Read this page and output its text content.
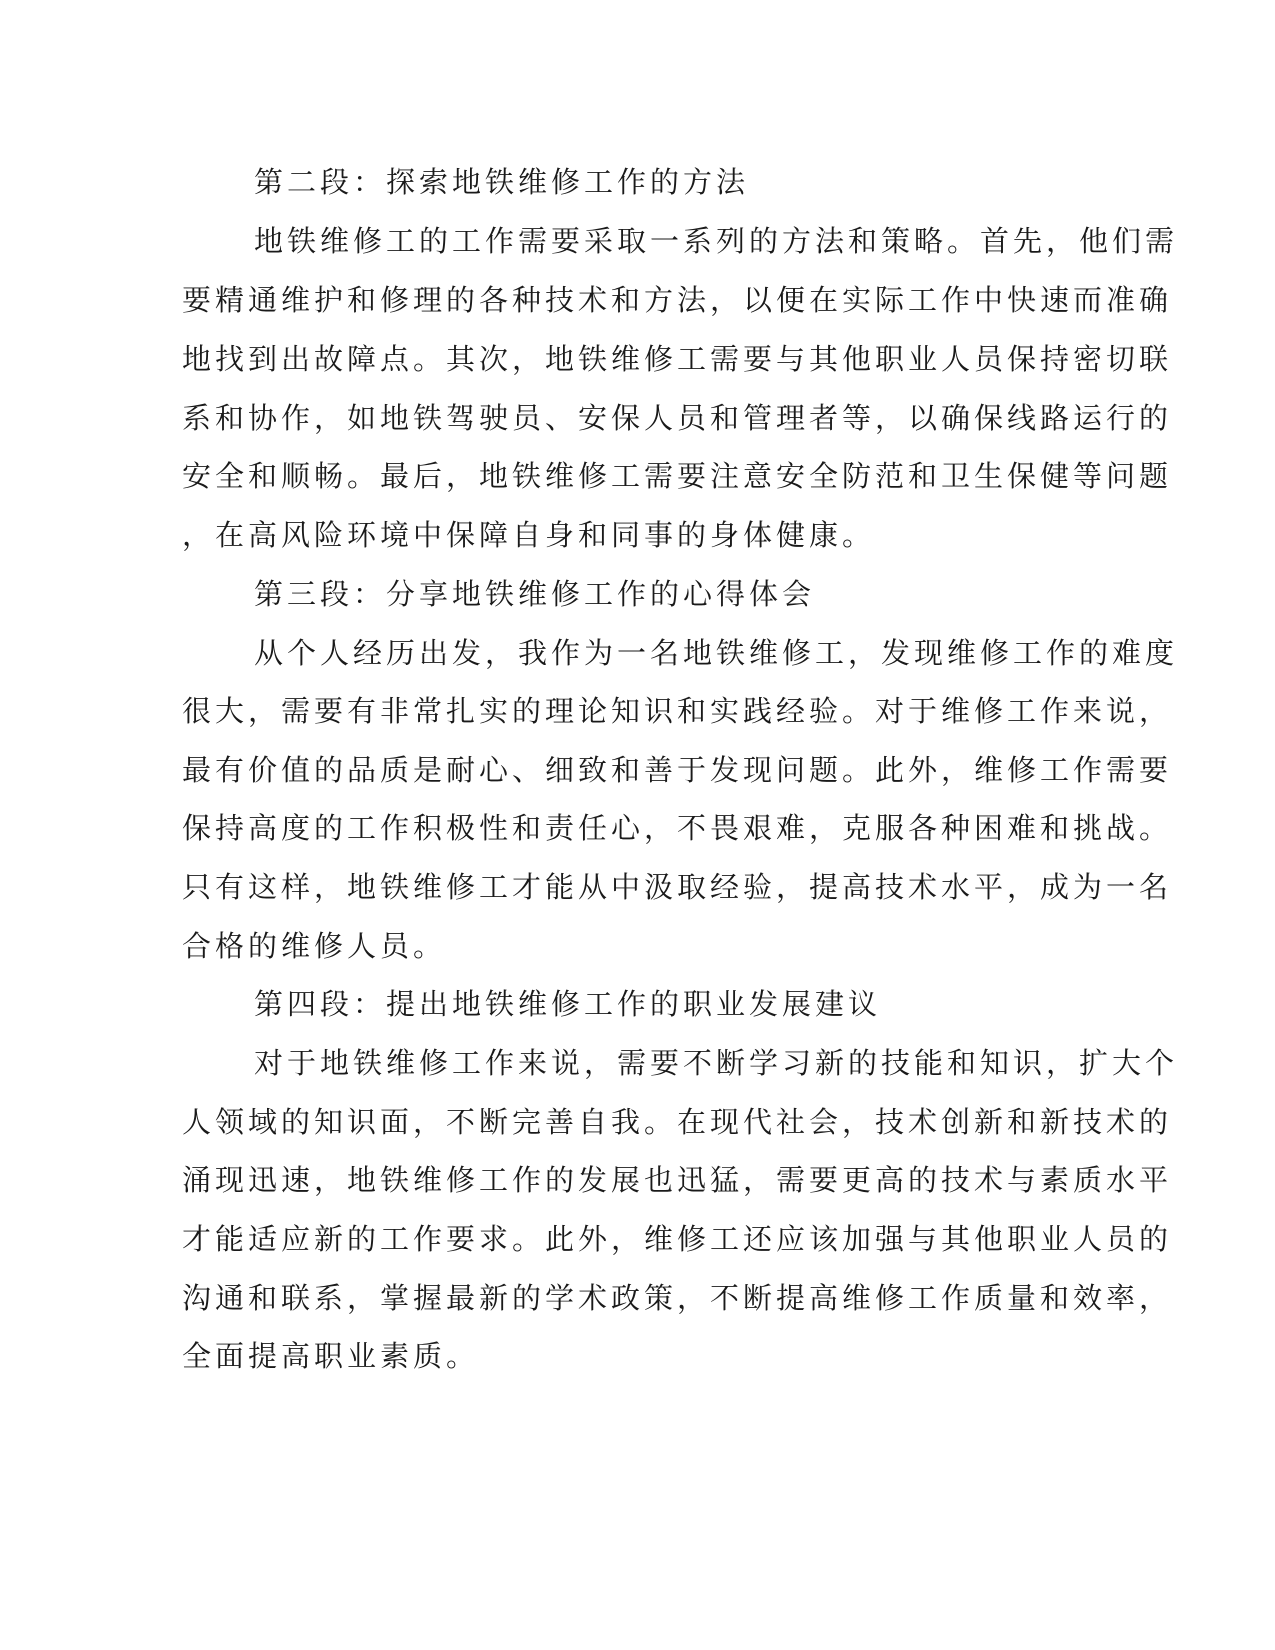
第二段：探索地铁维修工作的方法
地铁维修工的工作需要采取一系列的方法和策略。首先，他们需
要精通维护和修理的各种技术和方法，以便在实际工作中快速而准确
地找到出故障点。其次，地铁维修工需要与其他职业人员保持密切联
系和协作，如地铁驾驶员、安保人员和管理者等，以确保线路运行的
安全和顺畅。最后，地铁维修工需要注意安全防范和卫生保健等问题
，在高风险环境中保障自身和同事的身体健康。
第三段：分享地铁维修工作的心得体会
从个人经历出发，我作为一名地铁维修工，发现维修工作的难度
很大，需要有非常扎实的理论知识和实践经验。对于维修工作来说，
最有价值的品质是耐心、细致和善于发现问题。此外，维修工作需要
保持高度的工作积极性和责任心，不畏艰难，克服各种困难和挑战。
只有这样，地铁维修工才能从中汲取经验，提高技术水平，成为一名
合格的维修人员。
第四段：提出地铁维修工作的职业发展建议
对于地铁维修工作来说，需要不断学习新的技能和知识，扩大个
人领域的知识面，不断完善自我。在现代社会，技术创新和新技术的
涌现迅速，地铁维修工作的发展也迅猛，需要更高的技术与素质水平
才能适应新的工作要求。此外，维修工还应该加强与其他职业人员的
沟通和联系，掌握最新的学术政策，不断提高维修工作质量和效率，
全面提高职业素质。
